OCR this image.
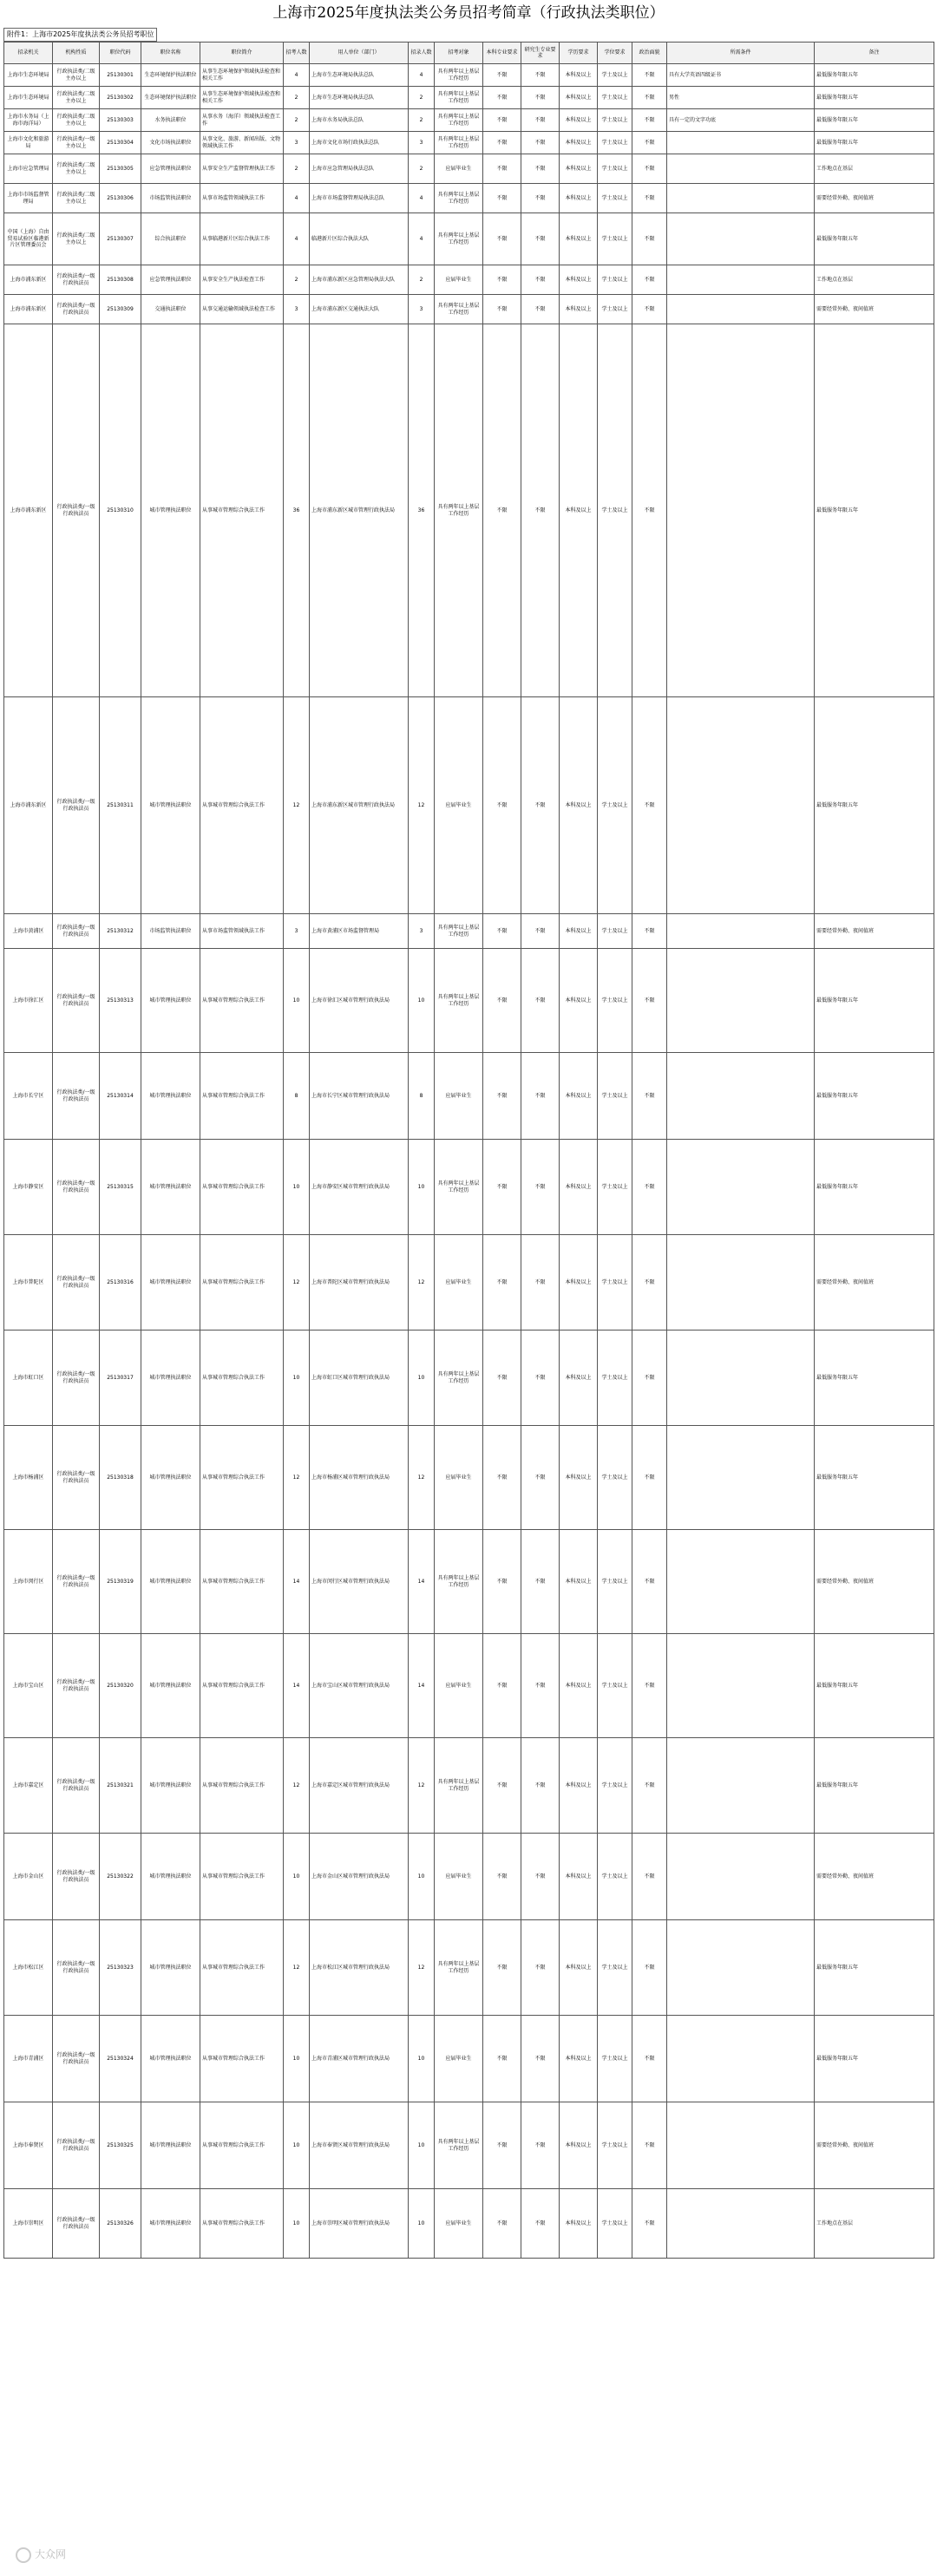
上海市2025年度执法类公务员招考简章（行政执法类职位）
附件1：上海市2025年度执法类公务员招考职位
招录机关	机构性质	职位代码	职位名称	职位简介	招考人数	用人单位（部门）	招录人数	招考对象	本科专业要求	研究生专业要求	学历要求	学位要求	政治面貌	所需条件	备注
上海市生态环境局	行政执法类/二级主办以上	25130301	生态环境保护执法职位	从事生态环境保护领域执法检查和相关工作	4	上海市生态环境局执法总队	4	具有两年以上基层工作经历	不限	不限	本科及以上	学士及以上	不限	具有大学英语四级证书	最低服务年限五年
上海市生态环境局	行政执法类/二级主办以上	25130302	生态环境保护执法职位	从事生态环境保护领域执法检查和相关工作	2	上海市生态环境局执法总队	2	具有两年以上基层工作经历	不限	不限	本科及以上	学士及以上	不限	男性	最低服务年限五年
上海市水务局（上海市海洋局）	行政执法类/二级主办以上	25130303	水务执法职位	从事水务（海洋）领域执法检查工作	2	上海市水务局执法总队	2	具有两年以上基层工作经历	不限	不限	本科及以上	学士及以上	不限	具有一定的文字功底	最低服务年限五年
上海市文化和旅游局	行政执法类/一级主办以上	25130304	文化市场执法职位	从事文化、旅游、新闻出版、文物领域执法工作	3	上海市文化市场行政执法总队	3	具有两年以上基层工作经历	不限	不限	本科及以上	学士及以上	不限		最低服务年限五年
上海市应急管理局	行政执法类/二级主办以上	25130305	应急管理执法职位	从事安全生产监督管理执法工作	2	上海市应急管理局执法总队	2	应届毕业生	不限	不限	本科及以上	学士及以上	不限		工作地点在基层
上海市市场监督管理局	行政执法类/二级主办以上	25130306	市场监管执法职位	从事市场监管领域执法工作	4	上海市市场监督管理局执法总队	4	具有两年以上基层工作经历	不限	不限	本科及以上	学士及以上	不限		需要经常外勤、夜间值班
中国（上海）自由贸易试验区临港新片区管理委员会	行政执法类/二级主办以上	25130307	综合执法职位	从事临港新片区综合执法工作	4	临港新片区综合执法大队	4	具有两年以上基层工作经历	不限	不限	本科及以上	学士及以上	不限		最低服务年限五年
上海市浦东新区	行政执法类/一级行政执法员	25130308	应急管理执法职位	从事安全生产执法检查工作	2	上海市浦东新区应急管理局执法大队	2	应届毕业生	不限	不限	本科及以上	学士及以上	不限		工作地点在基层
上海市浦东新区	行政执法类/一级行政执法员	25130309	交通执法职位	从事交通运输领域执法检查工作	3	上海市浦东新区交通执法大队	3	具有两年以上基层工作经历	不限	不限	本科及以上	学士及以上	不限		需要经常外勤、夜间值班
上海市浦东新区	行政执法类/一级行政执法员	25130310	城市管理执法职位	从事城市管理综合执法工作	36	上海市浦东新区城市管理行政执法局	36	具有两年以上基层工作经历	不限	不限	本科及以上	学士及以上	不限		最低服务年限五年
上海市浦东新区	行政执法类/一级行政执法员	25130311	城市管理执法职位	从事城市管理综合执法工作	12	上海市浦东新区城市管理行政执法局	12	应届毕业生	不限	不限	本科及以上	学士及以上	不限		最低服务年限五年
上海市黄浦区	行政执法类/一级行政执法员	25130312	市场监管执法职位	从事市场监管领域执法工作	3	上海市黄浦区市场监督管理局	3	具有两年以上基层工作经历	不限	不限	本科及以上	学士及以上	不限		需要经常外勤、夜间值班
上海市徐汇区	行政执法类/一级行政执法员	25130313	城市管理执法职位	从事城市管理综合执法工作	10	上海市徐汇区城市管理行政执法局	10	具有两年以上基层工作经历	不限	不限	本科及以上	学士及以上	不限		最低服务年限五年
上海市长宁区	行政执法类/一级行政执法员	25130314	城市管理执法职位	从事城市管理综合执法工作	8	上海市长宁区城市管理行政执法局	8	应届毕业生	不限	不限	本科及以上	学士及以上	不限		最低服务年限五年
上海市静安区	行政执法类/一级行政执法员	25130315	城市管理执法职位	从事城市管理综合执法工作	10	上海市静安区城市管理行政执法局	10	具有两年以上基层工作经历	不限	不限	本科及以上	学士及以上	不限		最低服务年限五年
上海市普陀区	行政执法类/一级行政执法员	25130316	城市管理执法职位	从事城市管理综合执法工作	12	上海市普陀区城市管理行政执法局	12	应届毕业生	不限	不限	本科及以上	学士及以上	不限		需要经常外勤、夜间值班
上海市虹口区	行政执法类/一级行政执法员	25130317	城市管理执法职位	从事城市管理综合执法工作	10	上海市虹口区城市管理行政执法局	10	具有两年以上基层工作经历	不限	不限	本科及以上	学士及以上	不限		最低服务年限五年
上海市杨浦区	行政执法类/一级行政执法员	25130318	城市管理执法职位	从事城市管理综合执法工作	12	上海市杨浦区城市管理行政执法局	12	应届毕业生	不限	不限	本科及以上	学士及以上	不限		最低服务年限五年
上海市闵行区	行政执法类/一级行政执法员	25130319	城市管理执法职位	从事城市管理综合执法工作	14	上海市闵行区城市管理行政执法局	14	具有两年以上基层工作经历	不限	不限	本科及以上	学士及以上	不限		需要经常外勤、夜间值班
上海市宝山区	行政执法类/一级行政执法员	25130320	城市管理执法职位	从事城市管理综合执法工作	14	上海市宝山区城市管理行政执法局	14	应届毕业生	不限	不限	本科及以上	学士及以上	不限		最低服务年限五年
上海市嘉定区	行政执法类/一级行政执法员	25130321	城市管理执法职位	从事城市管理综合执法工作	12	上海市嘉定区城市管理行政执法局	12	具有两年以上基层工作经历	不限	不限	本科及以上	学士及以上	不限		最低服务年限五年
上海市金山区	行政执法类/一级行政执法员	25130322	城市管理执法职位	从事城市管理综合执法工作	10	上海市金山区城市管理行政执法局	10	应届毕业生	不限	不限	本科及以上	学士及以上	不限		需要经常外勤、夜间值班
上海市松江区	行政执法类/一级行政执法员	25130323	城市管理执法职位	从事城市管理综合执法工作	12	上海市松江区城市管理行政执法局	12	具有两年以上基层工作经历	不限	不限	本科及以上	学士及以上	不限		最低服务年限五年
上海市青浦区	行政执法类/一级行政执法员	25130324	城市管理执法职位	从事城市管理综合执法工作	10	上海市青浦区城市管理行政执法局	10	应届毕业生	不限	不限	本科及以上	学士及以上	不限		最低服务年限五年
上海市奉贤区	行政执法类/一级行政执法员	25130325	城市管理执法职位	从事城市管理综合执法工作	10	上海市奉贤区城市管理行政执法局	10	具有两年以上基层工作经历	不限	不限	本科及以上	学士及以上	不限		需要经常外勤、夜间值班
上海市崇明区	行政执法类/一级行政执法员	25130326	城市管理执法职位	从事城市管理综合执法工作	10	上海市崇明区城市管理行政执法局	10	应届毕业生	不限	不限	本科及以上	学士及以上	不限		工作地点在基层
大众网
